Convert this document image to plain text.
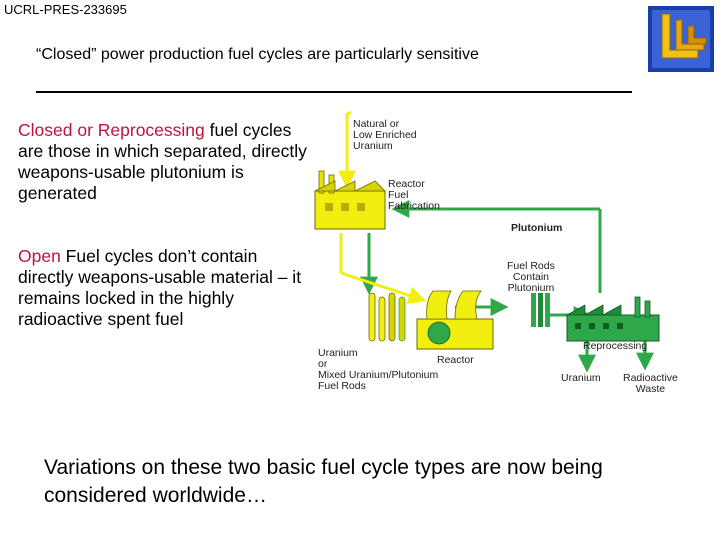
UCRL-PRES-233695
“Closed” power production fuel cycles are particularly sensitive
Closed or Reprocessing fuel cycles are those in which separated, directly weapons-usable plutonium is generated
Open Fuel cycles don’t contain directly weapons-usable material – it remains locked in the highly radioactive spent fuel
Natural or
Low Enriched
Uranium
Reactor
Fuel
Fabrication
Plutonium
Fuel Rods
Contain
Plutonium
Uranium
or
Mixed Uranium/Plutonium
Fuel Rods
Reactor
Reprocessing
Uranium Radioactive
Waste
Variations on these two basic fuel cycle types are now being considered worldwide…
